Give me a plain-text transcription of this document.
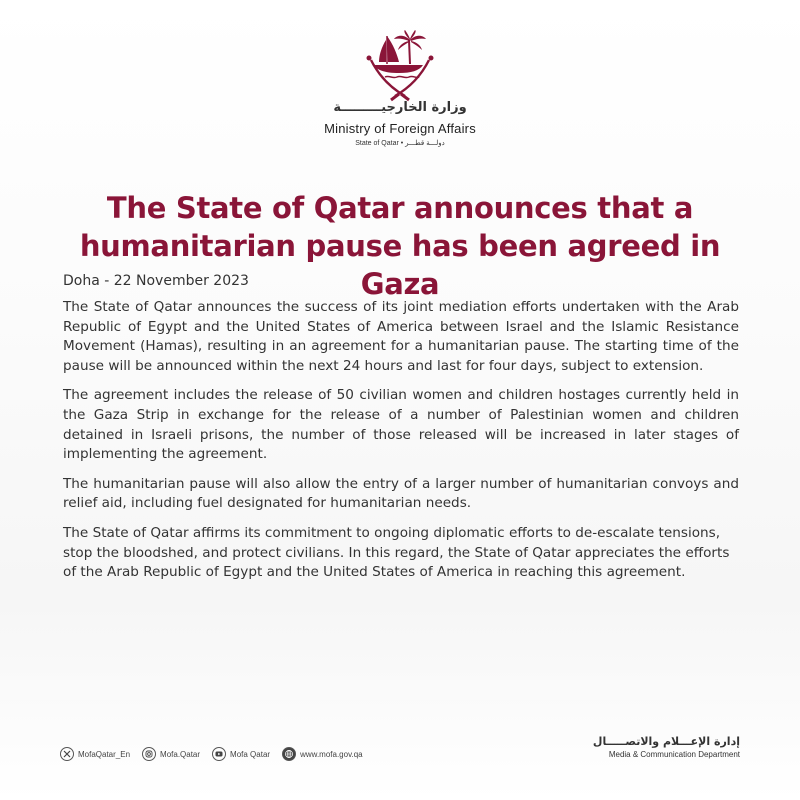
وزارة الخارجيـــــــــة
Ministry of Foreign Affairs
State of Qatar • دولـــة قطـــر
The State of Qatar announces that a
humanitarian pause has been agreed in Gaza
Doha - 22 November 2023

The State of Qatar announces the success of its joint mediation efforts undertaken with the Arab Republic of Egypt and the United States of America between Israel and the Islamic Resistance Movement (Hamas), resulting in an agreement for a humanitarian pause. The starting time of the pause will be announced within the next 24 hours and last for four days, subject to extension.

The agreement includes the release of 50 civilian women and children hostages currently held in the Gaza Strip in exchange for the release of a number of Palestinian women and children detained in Israeli prisons, the number of those released will be increased in later stages of implementing the agreement.

The humanitarian pause will also allow the entry of a larger number of humanitarian convoys and relief aid, including fuel designated for humanitarian needs.

The State of Qatar affirms its commitment to ongoing diplomatic efforts to de-escalate tensions, stop the bloodshed, and protect civilians. In this regard, the State of Qatar appreciates the efforts of the Arab Republic of Egypt and the United States of America in reaching this agreement.

MofaQatar_En	Mofa.Qatar	Mofa Qatar	www.mofa.gov.qa
إدارة الإعـــلام والاتصـــــال
Media & Communication Department
